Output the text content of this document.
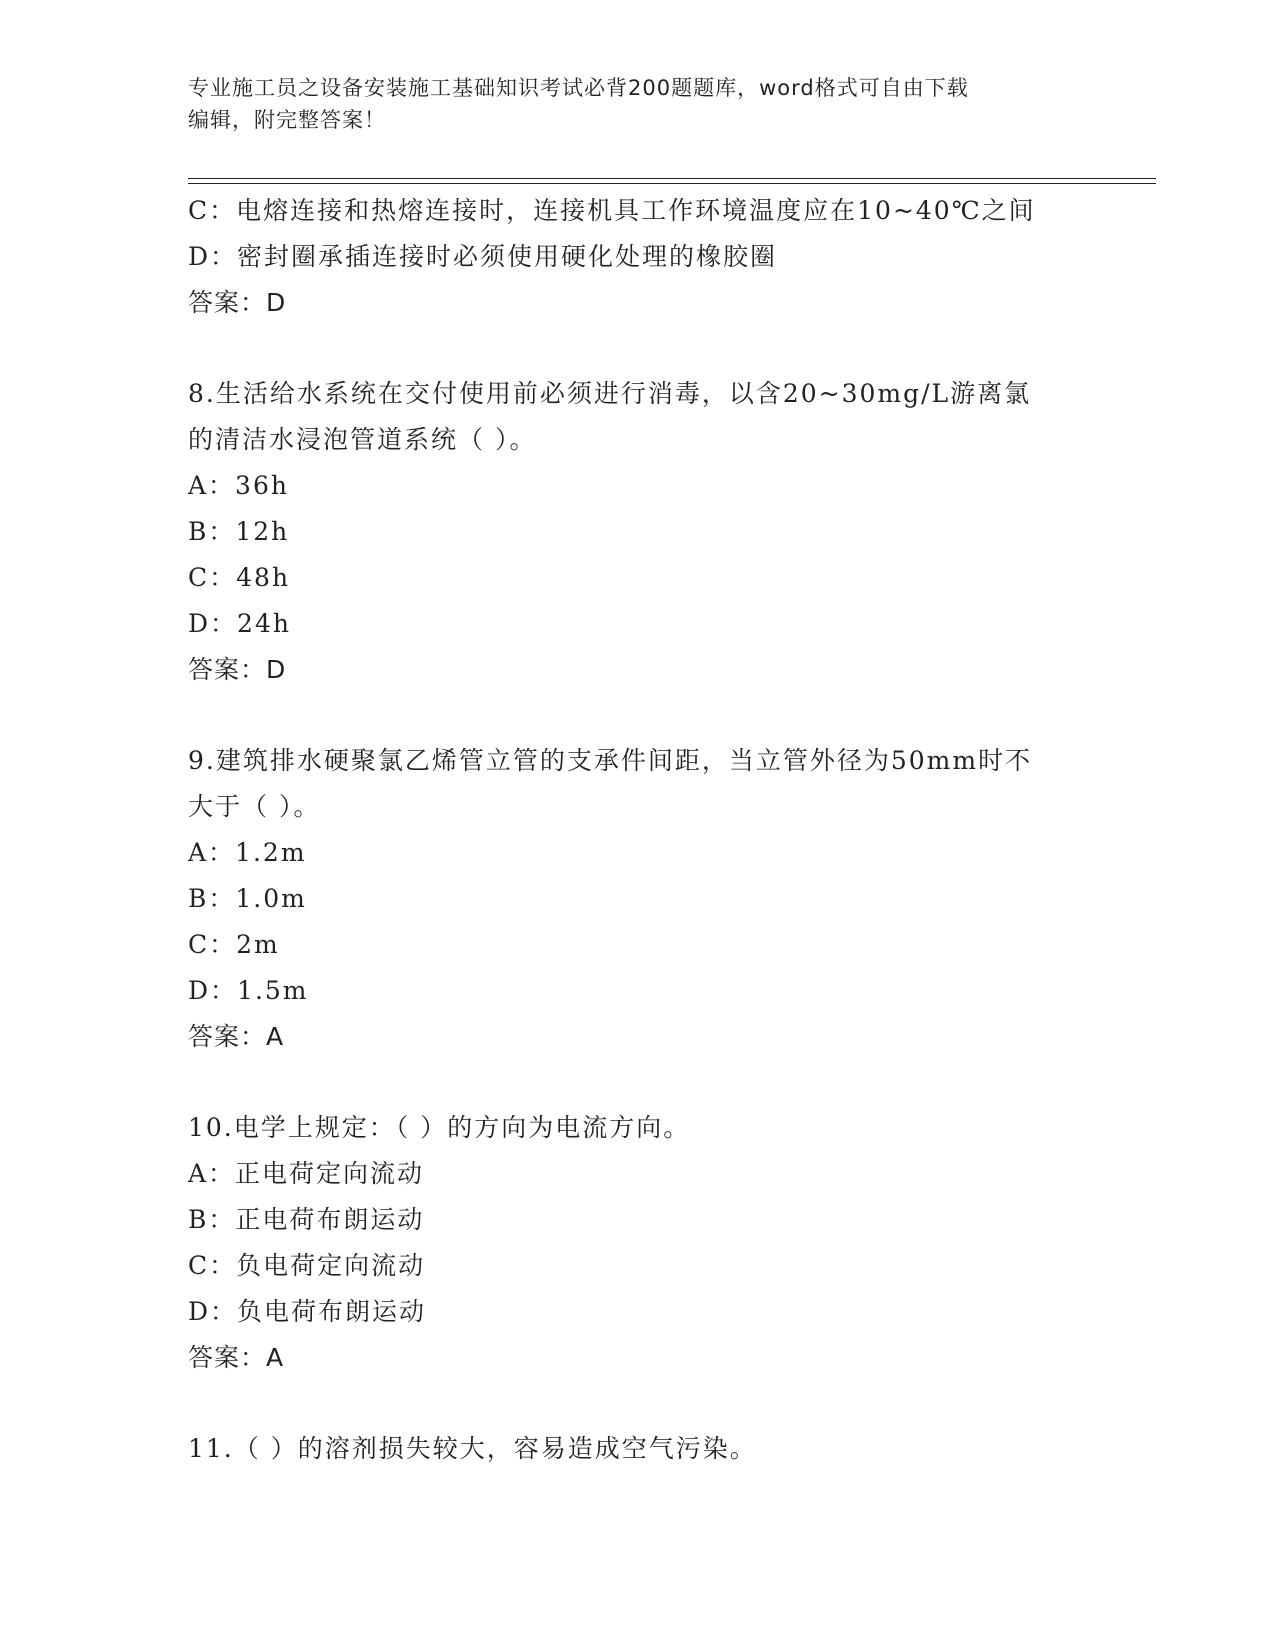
专业施工员之设备安装施工基础知识考试必背200题题库，word格式可自由下载
编辑，附完整答案！
C：电熔连接和热熔连接时，连接机具工作环境温度应在10~40℃之间
D：密封圈承插连接时必须使用硬化处理的橡胶圈
答案：D
8.生活给水系统在交付使用前必须进行消毒，以含20~30mg/L游离氯
的清洁水浸泡管道系统（ ）。
A：36h
B：12h
C：48h
D：24h
答案：D
9.建筑排水硬聚氯乙烯管立管的支承件间距，当立管外径为50mm时不
大于（ ）。
A：1.2m
B：1.0m
C：2m
D：1.5m
答案：A
10.电学上规定：（ ）的方向为电流方向。
A：正电荷定向流动
B：正电荷布朗运动
C：负电荷定向流动
D：负电荷布朗运动
答案：A
11.（ ）的溶剂损失较大，容易造成空气污染。
